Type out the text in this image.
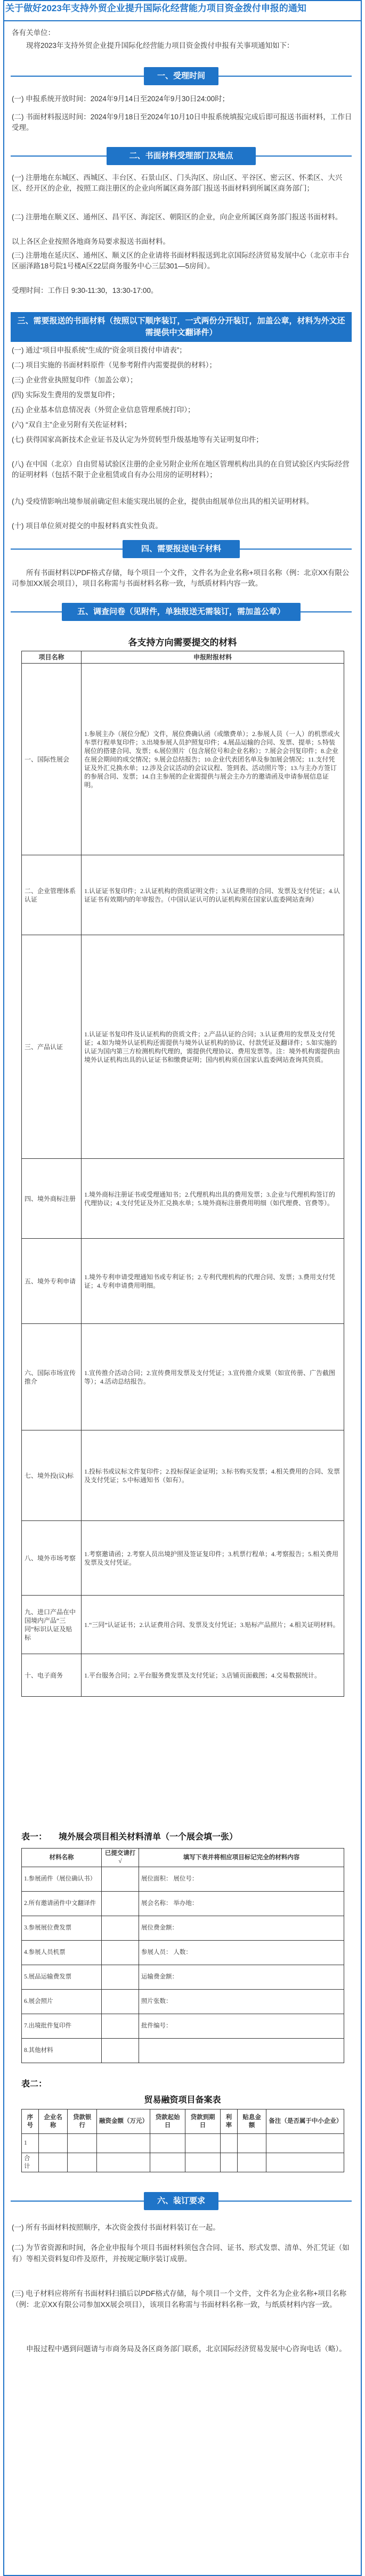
关于做好2023年支持外贸企业提升国际化经营能力项目资金拨付申报的通知
各有关单位：
现将2023年支持外贸企业提升国际化经营能力项目资金拨付申报有关事项通知如下：
一、受理时间
(一) 申报系统开放时间：2024年9月14日至2024年9月30日24:00时；
(二) 书面材料报送时间：2024年9月18日至2024年10月10日申报系统填报完成后即可报送书面材料，工作日受理。
二、书面材料受理部门及地点
(一) 注册地在东城区、西城区、丰台区、石景山区、门头沟区、房山区、平谷区、密云区、怀柔区、大兴区、经开区的企业，按照工商注册区的企业向所属区商务部门报送书面材料到所属区商务部门；
(二) 注册地在顺义区、通州区、昌平区、海淀区、朝阳区的企业，向企业所属区商务部门报送书面材料。
以上各区企业按照各地商务局要求报送书面材料。
(三) 注册地在延庆区、通州区、顺义区的企业请将书面材料报送到北京国际经济贸易发展中心（北京市丰台区丽泽路18号院1号楼A区22层商务服务中心三层301—5房间）。
受理时间：工作日 9:30-11:30，13:30-17:00。
三、需要报送的书面材料（按照以下顺序装订，一式两份分开装订，加盖公章，材料为外文还需提供中文翻译件）
(一) 通过“项目申报系统”生成的“资金项目拨付申请表”；
(二) 项目实施的书面材料原件（见参考附件内需要提供的材料）；
(三) 企业营业执照复印件（加盖公章）；
(四) 实际发生费用的发票复印件；
(五) 企业基本信息情况表（外贸企业信息管理系统打印）；
(六) “双自主”企业另附有关佐证材料；
(七) 获得国家高新技术企业证书及认定为外贸转型升级基地等有关证明复印件；
(八) 在中国（北京）自由贸易试验区注册的企业另附企业所在地区管理机构出具的在自贸试验区内实际经营的证明材料（包括不限于企业租赁或自有办公用房的证明材料）；
(九) 受疫情影响出境参展前确定但未能实现出展的企业，提供由组展单位出具的相关证明材料。
(十) 项目单位须对提交的申报材料真实性负责。
四、需要报送电子材料
所有书面材料以PDF格式存储，每个项目一个文件，文件名为企业名称+项目名称（例：北京XX有限公司参加XX展会项目），项目名称需与书面材料名称一致，与纸质材料内容一致。
五、调查问卷（见附件，单独报送无需装订，需加盖公章）
各支持方向需要提交的材料
项目名称	申报附报材料
一、国际性展会	1.参展主办（展位分配）文件，展位费确认函（或缴费单）；2.参展人员（一人）的机票或火车票行程单复印件；3.出境参展人员护照复印件；4.展品运输的合同、发票、提单；5.特装展位的搭建合同、发票；6.展位照片（包含展位号和企业名称）；7.展会会刊复印件；8.企业在展会期间的成交情况；9.展会总结报告；10.企业代表团名单及参加展会情况；11.支付凭证及外汇兑换水单；12.涉及会议活动的会议议程、签到表、活动照片等；13.与主办方签订的参展合同、发票；14.自主参展的企业需提供与展会主办方的邀请函及申请参展信息证明。
二、企业管理体系认证	1.认证证书复印件；2.认证机构的资质证明文件；3.认证费用的合同、发票及支付凭证；4.认证证书有效期内的年审报告。（中国认证认可的认证机构须在国家认监委网站查询）
三、产品认证	1.认证证书复印件及认证机构的资质文件；2.产品认证的合同；3.认证费用的发票及支付凭证；4.如为境外认证机构还需提供与境外认证机构的协议、付款凭证及翻译件；5.如实施的认证为国内第三方检测机构代理的，需提供代理协议、费用发票等。注：境外机构需提供由境外认证机构出具的认证证书和缴费证明；国内机构须在国家认监委网站查询其资质。
四、境外商标注册	1.境外商标注册证书或受理通知书；2.代理机构出具的费用发票；3.企业与代理机构签订的代理协议；4.支付凭证及外汇兑换水单；5.境外商标注册费用明细（如代理费、官费等）。
五、境外专利申请	1.境外专利申请受理通知书或专利证书；2.专利代理机构的代理合同、发票；3.费用支付凭证；4.专利申请费用明细。
六、国际市场宣传推介	1.宣传推介活动合同；2.宣传费用发票及支付凭证；3.宣传推介成果（如宣传册、广告截图等）；4.活动总结报告。
七、境外投(议)标	1.投标书或议标文件复印件；2.投标保证金证明；3.标书购买发票；4.相关费用的合同、发票及支付凭证；5.中标通知书（如有）。
八、境外市场考察	1.考察邀请函；2.考察人员出境护照及签证复印件；3.机票行程单；4.考察报告；5.相关费用发票及支付凭证。
九、进口产品在中国境内产品“三同”标识认证及贴标	1.“三同”认证证书；2.认证费用合同、发票及支付凭证；3.贴标产品照片；4.相关证明材料。
十、电子商务	1.平台服务合同；2.平台服务费发票及支付凭证；3.店铺页面截图；4.交易数据统计。
表一： 境外展会项目相关材料清单（一个展会填一张）
材料名称	已提交请打√	填写下表并将相应项目标记完全的材料内容
1.参展函件（展位确认书）		展位面积： 展位号：
2.所有邀请函件中文翻译件		展会名称： 举办地：
3.参展展位费发票		展位费金额：
4.参展人员机票		参展人员： 人数：
5.展品运输费发票		运输费金额：
6.展会照片		照片张数：
7.出境批件复印件		批件编号：
8.其他材料		
表二：
贸易融资项目备案表
序号	企业名称	贷款银行	融资金额（万元）	贷款起始日	贷款到期日	利率	贴息金额	备注（是否属于中小企业）
1								
合计								
六、装订要求
(一) 所有书面材料按照顺序，本次资金拨付书面材料装订在一起。
(二) 为节省资源和时间，各企业申报每个项目书面材料须包含合同、证书、形式发票、清单、外汇凭证（如有）等相关资料复印件及原件，并按规定顺序装订成册。
(三) 电子材料应将所有书面材料扫描后以PDF格式存储，每个项目一个文件，文件名为企业名称+项目名称（例：北京XX有限公司参加XX展会项目），该项目名称需与书面材料名称一致，与纸质材料内容一致。
申报过程中遇到问题请与市商务局及各区商务部门联系，北京国际经济贸易发展中心咨询电话（略）。
